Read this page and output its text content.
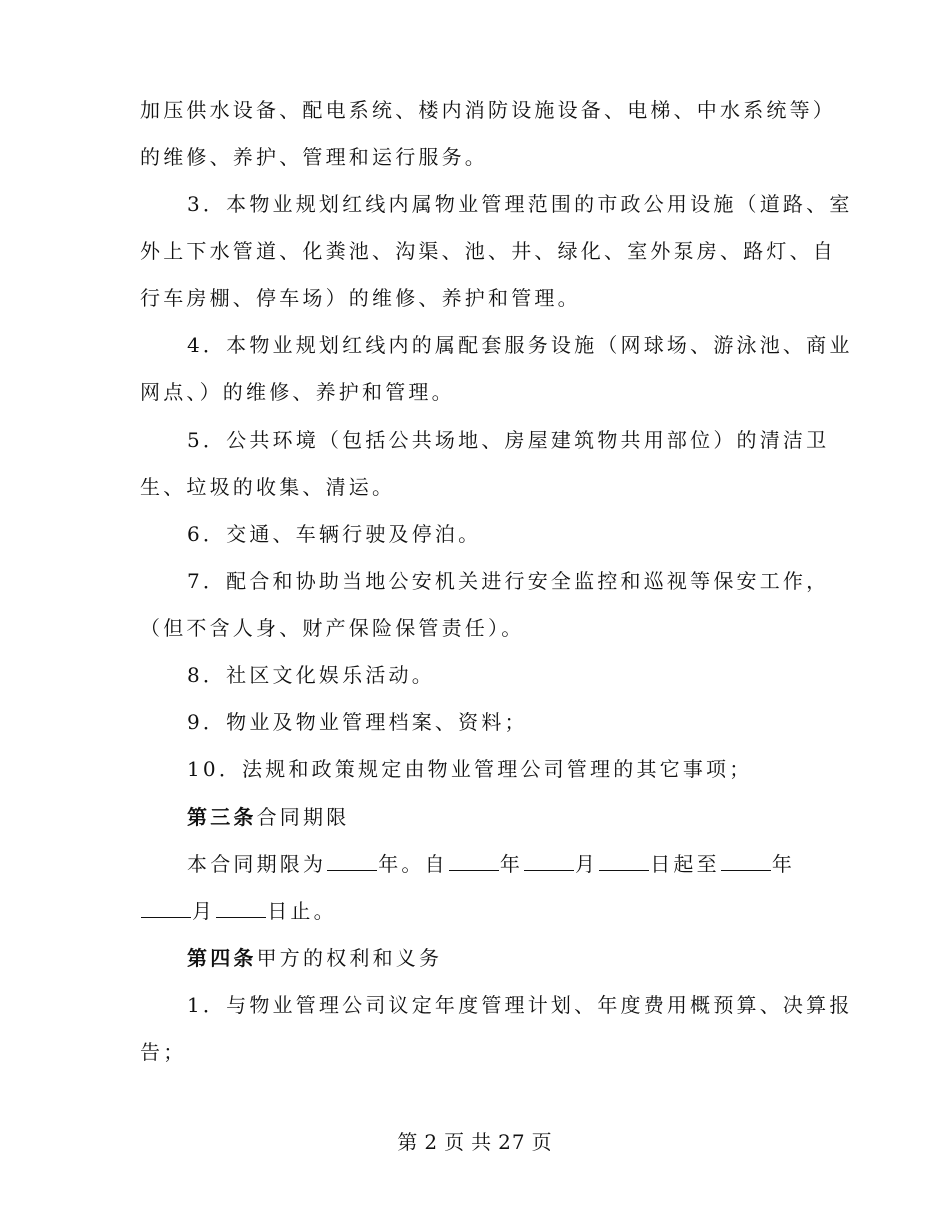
加压供水设备、配电系统、楼内消防设施设备、电梯、中水系统等）
的维修、养护、管理和运行服务。
3．本物业规划红线内属物业管理范围的市政公用设施（道路、室
外上下水管道、化粪池、沟渠、池、井、绿化、室外泵房、路灯、自
行车房棚、停车场）的维修、养护和管理。
4．本物业规划红线内的属配套服务设施（网球场、游泳池、商业
网点、）的维修、养护和管理。
5．公共环境（包括公共场地、房屋建筑物共用部位）的清洁卫
生、垃圾的收集、清运。
6．交通、车辆行驶及停泊。
7．配合和协助当地公安机关进行安全监控和巡视等保安工作，
（但不含人身、财产保险保管责任）。
8．社区文化娱乐活动。
9．物业及物业管理档案、资料；
10．法规和政策规定由物业管理公司管理的其它事项；
第三条合同期限
本合同期限为	年。自	年	月	日起至	年
月	日止。
第四条甲方的权利和义务
1．与物业管理公司议定年度管理计划、年度费用概预算、决算报
告；
第 2 页 共 27 页
